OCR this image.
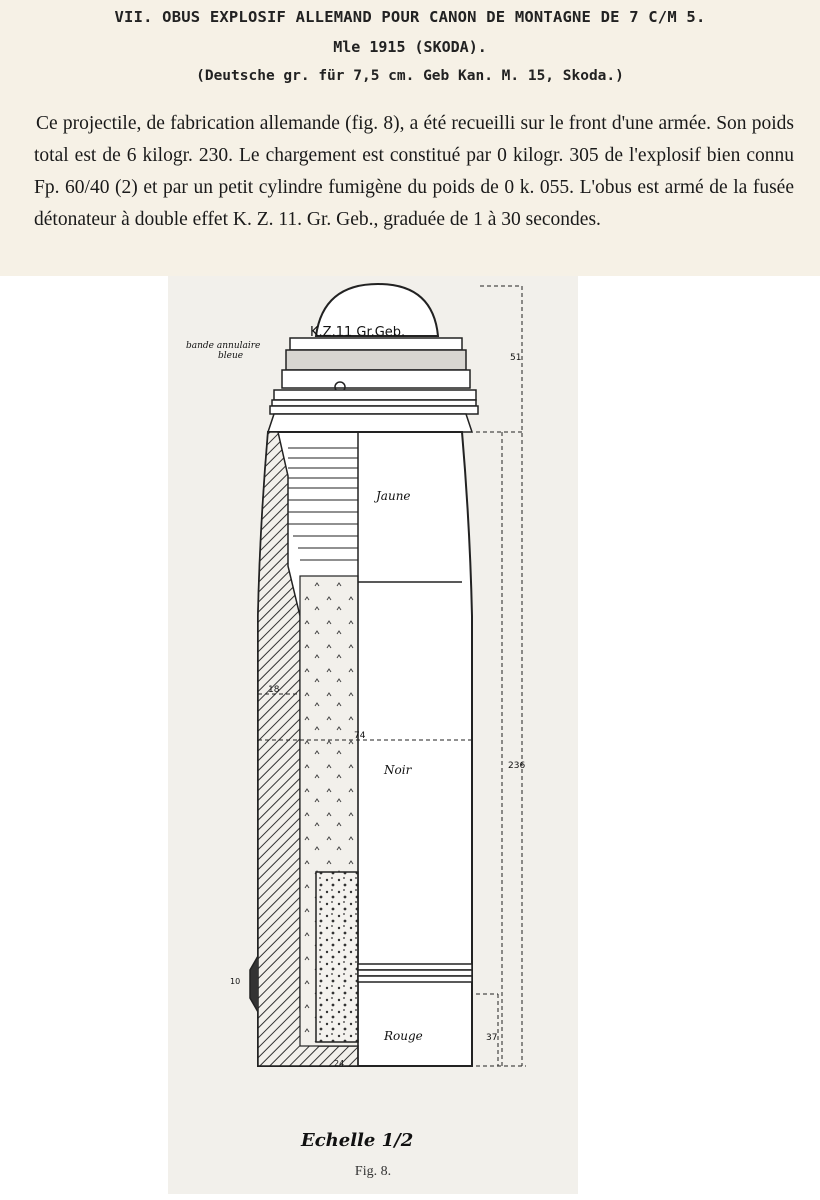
VII. OBUS EXPLOSIF ALLEMAND POUR CANON DE MONTAGNE DE 7 C/M 5.
Mle 1915 (SKODA).
(Deutsche gr. für 7,5 cm. Geb Kan. M. 15, Skoda.)
Ce projectile, de fabrication allemande (fig. 8), a été recueilli sur le front d'une armée. Son poids total est de 6 kilogr. 230. Le chargement est constitué par 0 kilogr. 305 de l'explosif bien connu Fp. 60/40 (2) et par un petit cylindre fumigène du poids de 0 k. 055. L'obus est armé de la fusée détonateur à double effet K. Z. 11. Gr. Geb., graduée de 1 à 30 secondes.
K.Z.11 Gr.Geb.
bande annulaire
bleue
Jaune
Noir
Rouge
51
236
37
18
74
10
24
Echelle 1/2
Fig. 8.
